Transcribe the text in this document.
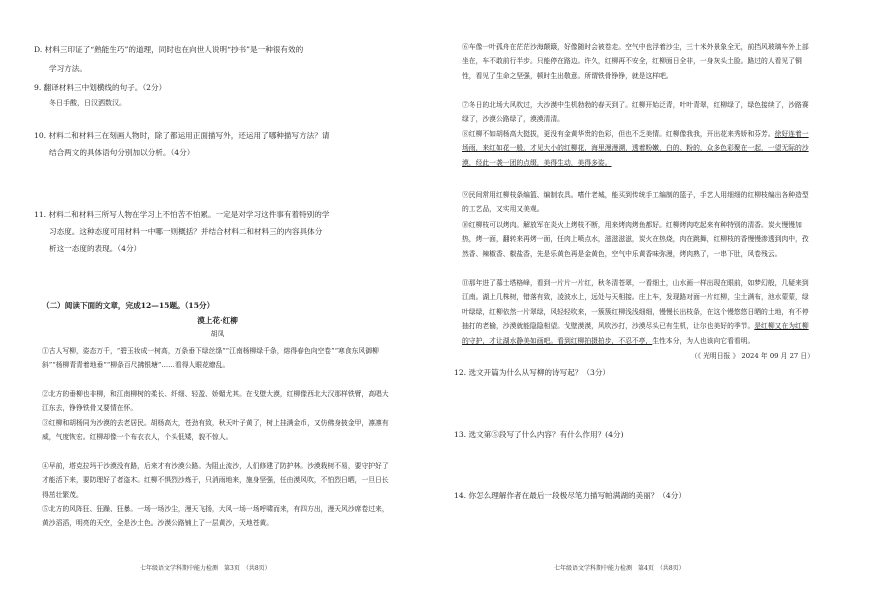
D. 材料三印证了“熟能生巧”的道理，同时也在向世人说明“抄书”是一种很有效的
学习方法。
9. 翻译材料三中划横线的句子。（2分）
冬日手酸，日汉洒数汉。
10. 材料二和材料三在刻画人物时，除了都运用正面描写外，还运用了哪种描写方法？请
结合两文的具体语句分别加以分析。（4分）
11. 材料二和材料三所写人物在学习上不怕苦不怕累。一定是对学习这件事有着特别的学
习态度。这种态度可用材料一中哪一则概括？并结合材料二和材料三的内容具体分
析这一态度的表现。（4分）
（二）阅读下面的文章，完成12—15题。（15分）
漠上花·红柳
胡凤
①古人写柳，姿态万千，“碧玉妆成一树高，万条垂下绿丝绦”“江南杨柳绿千条，熔得春色向空卷”“寒食东风御柳斜”“杨柳青青着地垂”“柳条百尺拂银塘”……看得人眼花缭乱。
②北方的垂柳也非柳，和江南柳树的柔长、纤细、轻盈、娇媚尤其。在戈壁大漠，红柳像西北大汉那样铁臂，高唱大江东去，铮铮铁骨又要情在怀。
③红柳和胡杨同为沙漠的去老居民。胡杨高大，苍劲有致，秋天叶子黄了，树上挂满金币，又仿佛身披金甲，凛凛有威，气度恢宏。红柳却像一个布衣衣人，个头低矮，貌不惊人。
④早前，塔克拉玛干沙漠没有路，后来才有沙漠公路。为阻止流沙，人们修建了防护林。沙漠栽树不易，要守护好了才能活下来，要防理好了者盗木。红柳不惧烈沙炼于，只消雨地来，施身坚强，任由漠风吹，不怕烈日晒，一旦日长得茁壮繁茂。
⑤北方的风阵狂、狂躁、狂暴。一场一场沙尘，漫天飞扬，大风一场一场呼啸而来，有四方出，漫天风沙席卷过来，黄沙滔滔，明亮的天空，全是沙土色。沙漠公路铺上了一层黄沙，天地苍黄。
七年级语文学科期中能力检测　第3页　（共8页）
⑥车像一叶孤舟在茫茫沙海颠簸，好像随时会被卷走。空气中也浮着沙尘，三十米外景象全无，前挡风玻璃车外上部坐在，车不敢前行半步。只能停在路边。许久，红柳再不安全，红柳面日全非，一身灰头土脸。路过的人看见了铜性，看见了生命之坚强，顿时生出敬意。所谓铁骨铮铮，就是这样吧。
⑦冬日的北场大风吹过，大沙漠中生机勃勃的春天到了。红柳开始泛青，叶叶青翠，红柳绿了，绿色接续了，沙路赛绿了，沙漠公路绿了，漠漠清清。
⑧红柳不如胡杨高大挺拔，更没有金黄华贵的色彩，但也不乏美情。红柳像我我，开出花来秀娇和芬芳。徐好连着一场雨，来红如花一般，才见大小的红柳花，海里漫漫溯，透着粉嫩，白的、粉的，众多色彩聚在一起，一望无际的沙漠，经此一袭一团的点缀，美得生动，美得多姿。
⑨民间常用红柳枝条编篮、编制农具。嗜什老城，能买到传统手工编制的篮子，手艺人用细细的红柳枝编出各种造型的工艺品，又实用又美观。
⑩红柳枝可以烤肉。解放军在炎火上烤枝不断，用来烤肉烤鱼都好。红柳烤肉吃起来有种特别的清香。炭火慢慢加热，烤一面，翻转来再烤一面，任肉上喷点水，滋滋滋滋，炭火在热烧，肉在跳舞，红柳枝的香慢慢渗透到肉中，孜然香、辣椒香、椒盐香，先是乐黄色再是金黄色，空气中乐黄香味弥漫，烤肉熟了，一串下肚，风卷残云。
⑪那年进了慕士塔格峰，看到一片片一片红，秋冬清苍翠，一看细土，山水画一样出现在眼前，如梦幻般，几疑来到江南。湖上几株树，错落有致，凌波水上，远处与天相接。庄上车，发现路对面一片红柳，尘土满布，池水蒙蒙，绿叶绿绿，红柳依然一片翠绿，风轻轻吹来，一簇簇红柳浅浅细细，慢慢长出枝条，在这个慢悠悠日晒的土地，有不停抽打的老榆，沙漠就能隐隐相望。戈壁漠漠，风吹沙打，沙漠尽头已有生机，让尔也美好的季节。是红柳又在为红柳的守护，才让湖水静美如画吧。看到红柳拍摄拍步，不忍不亭，生性本分，为人也该向它看看明。
（《 光明日报 》 2024 年 09 月 27 日）
12. 选文开篇为什么从写柳的诗写起？（3分）
13. 选文第⑤段写了什么内容？有什么作用？(4分)
14. 你怎么理解作者在最后一段极尽笔力描写帕满湖的美丽？（4分）
七年级语文学科期中能力检测　第4页　（共8页）
